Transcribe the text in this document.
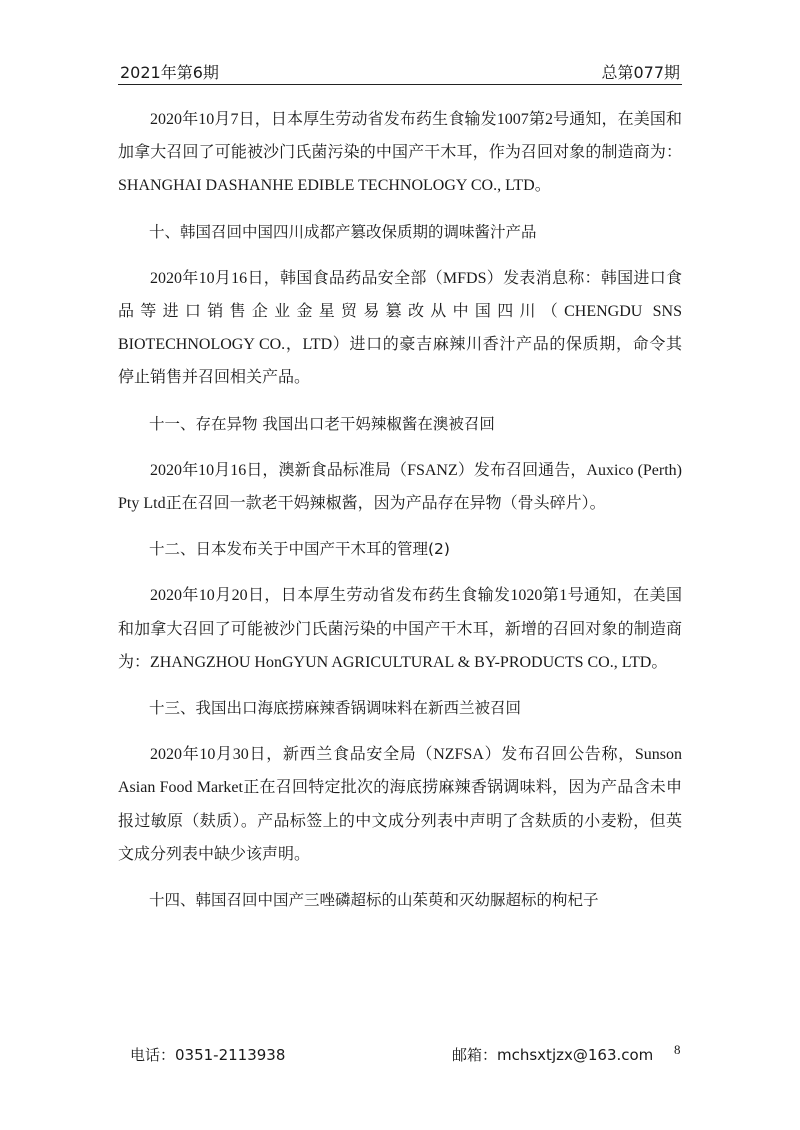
2021年第6期	总第077期

2020年10月7日，日本厚生劳动省发布药生食输发1007第2号通知，在美国和加拿大召回了可能被沙门氏菌污染的中国产干木耳，作为召回对象的制造商为：SHANGHAI DASHANHE EDIBLE TECHNOLOGY CO., LTD。

十、韩国召回中国四川成都产篡改保质期的调味酱汁产品

2020年10月16日，韩国食品药品安全部（MFDS）发表消息称：韩国进口食品等进口销售企业金星贸易篡改从中国四川（CHENGDU SNS BIOTECHNOLOGY CO.，LTD）进口的豪吉麻辣川香汁产品的保质期，命令其停止销售并召回相关产品。

十一、存在异物 我国出口老干妈辣椒酱在澳被召回

2020年10月16日，澳新食品标准局（FSANZ）发布召回通告，Auxico (Perth) Pty Ltd正在召回一款老干妈辣椒酱，因为产品存在异物（骨头碎片）。

十二、日本发布关于中国产干木耳的管理(2)

2020年10月20日，日本厚生劳动省发布药生食输发1020第1号通知，在美国和加拿大召回了可能被沙门氏菌污染的中国产干木耳，新增的召回对象的制造商为：ZHANGZHOU HonGYUN AGRICULTURAL & BY-PRODUCTS CO., LTD。

十三、我国出口海底捞麻辣香锅调味料在新西兰被召回

2020年10月30日，新西兰食品安全局（NZFSA）发布召回公告称，Sunson Asian Food Market正在召回特定批次的海底捞麻辣香锅调味料，因为产品含未申报过敏原（麸质）。产品标签上的中文成分列表中声明了含麸质的小麦粉，但英文成分列表中缺少该声明。

十四、韩国召回中国产三唑磷超标的山茱萸和灭幼脲超标的枸杞子

电话：0351-2113938	邮箱：mchsxtjzx@163.com 8
